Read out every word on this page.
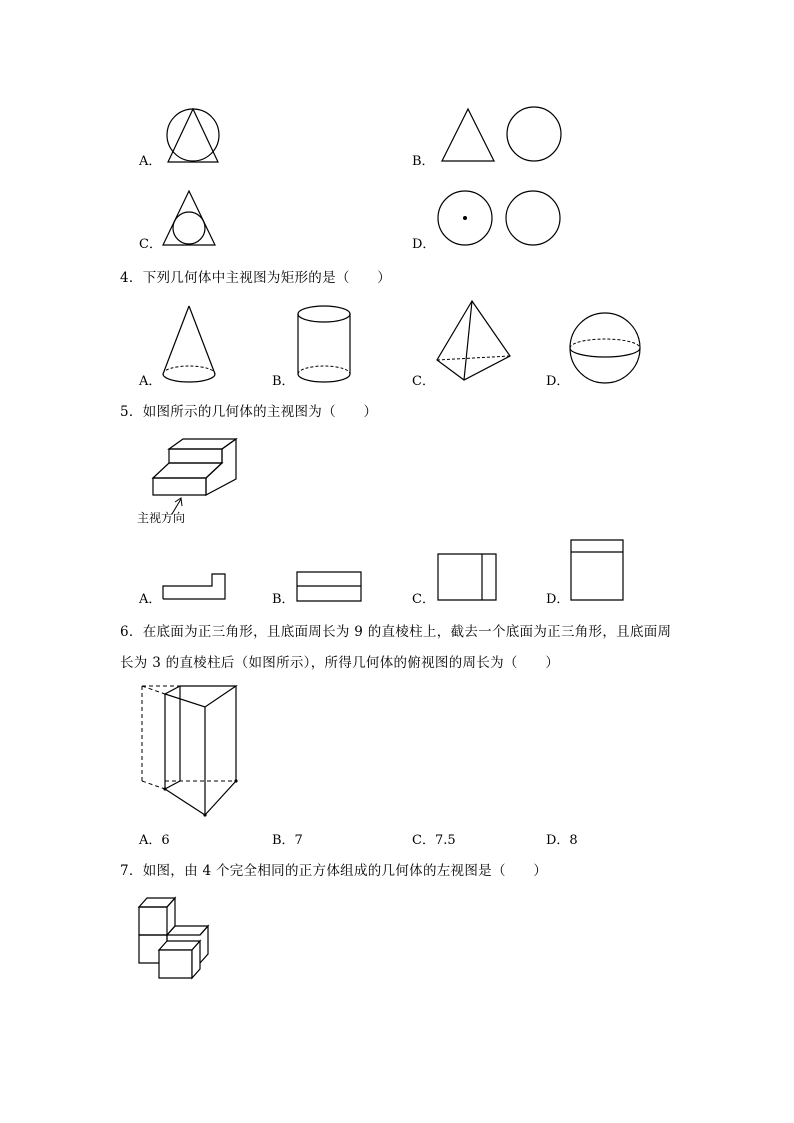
A．	B．
C．	D．
4．下列几何体中主视图为矩形的是（　　）
A．	B．	C．	D．
5．如图所示的几何体的主视图为（　　）
主视方向
A．	B．	C．	D．
6．在底面为正三角形，且底面周长为 9 的直棱柱上，截去一个底面为正三角形，且底面周
长为 3 的直棱柱后（如图所示），所得几何体的俯视图的周长为（　　）
A．6	B．7	C．7.5	D．8
7．如图，由 4 个完全相同的正方体组成的几何体的左视图是（　　）
